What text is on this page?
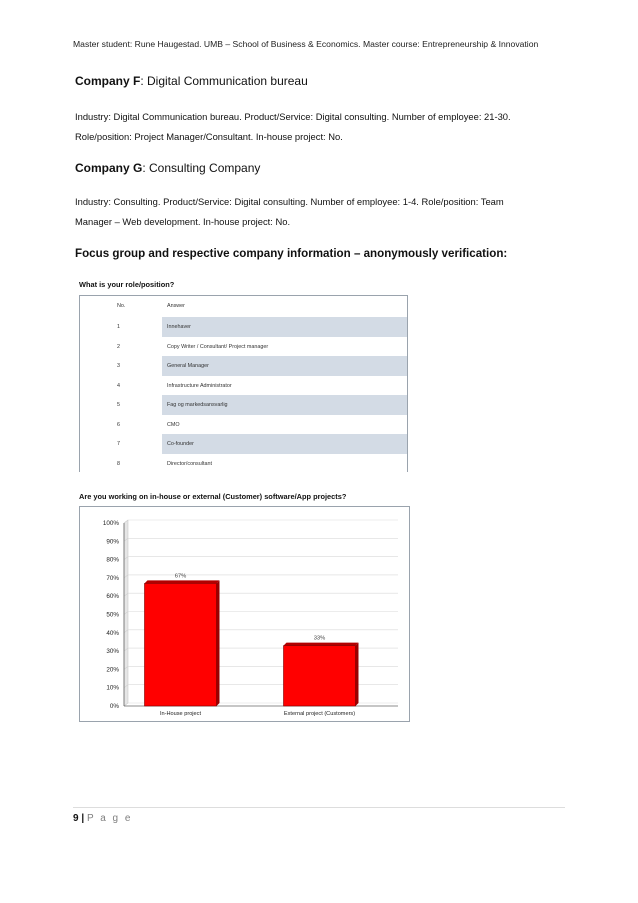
Master student: Rune Haugestad. UMB – School of Business & Economics. Master course: Entrepreneurship & Innovation
Company F: Digital Communication bureau
Industry: Digital Communication bureau. Product/Service: Digital consulting. Number of employee: 21-30.
Role/position: Project Manager/Consultant. In-house project: No.
Company G: Consulting Company
Industry: Consulting. Product/Service: Digital consulting. Number of employee: 1-4. Role/position: Team
Manager – Web development. In-house project: No.
Focus group and respective company information – anonymously verification:
What is your role/position?
No.	Answer
1	Innehaver
2	Copy Writer / Consultant/ Project manager
3	General Manager
4	Infrastructure Administrator
5	Fag og markedsansvarlig
6	CMO
7	Co-founder
8	Director/consultant
Are you working on in-house or external (Customer) software/App projects?
0%
10%
20%
30%
40%
50%
60%
70%
80%
90%
100%
67%
In-House project
33%
External project (Customers)
9 | P a g e
